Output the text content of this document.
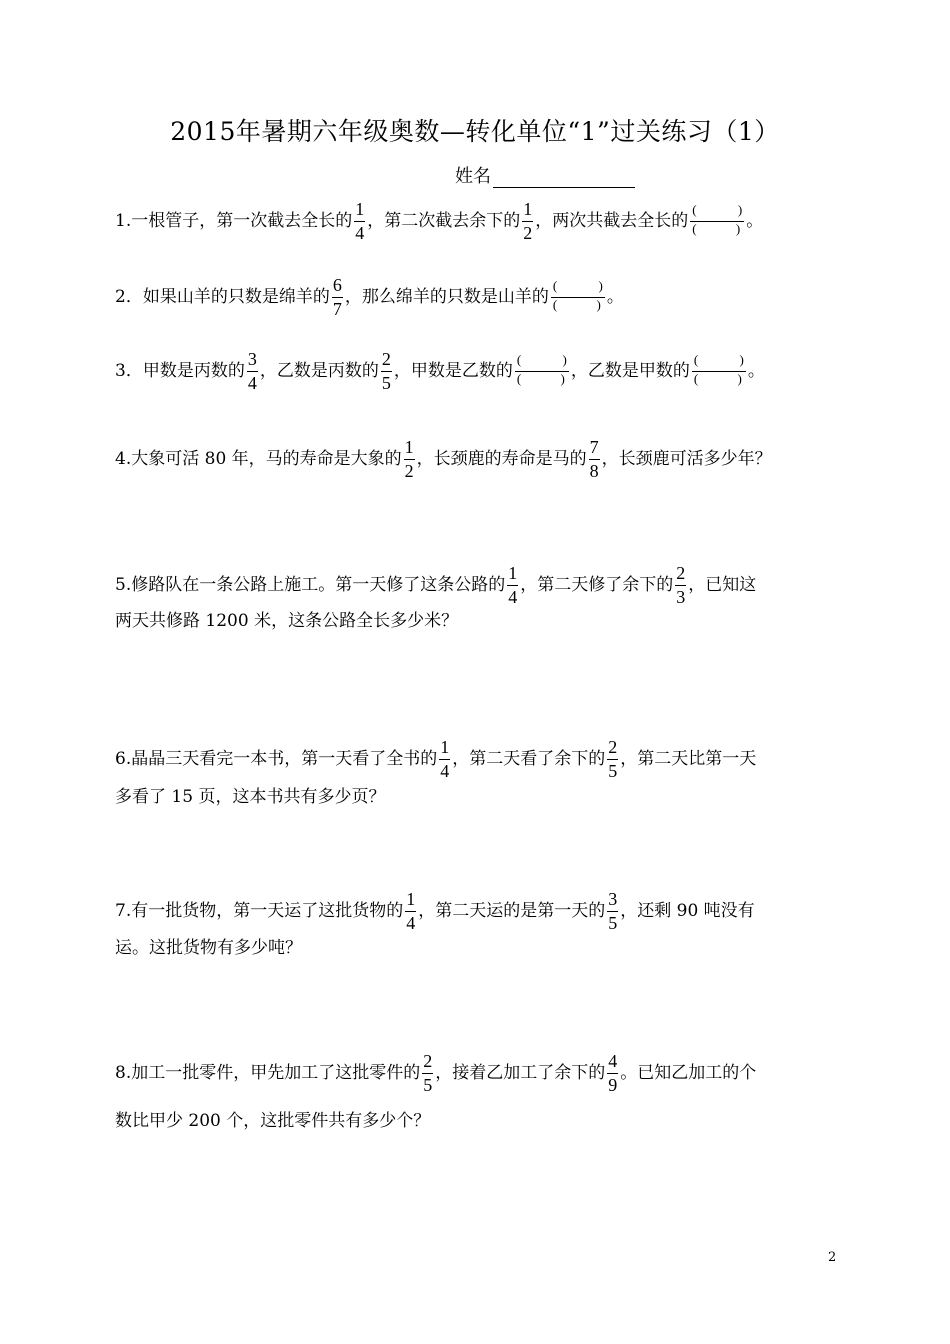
2015年暑期六年级奥数—转化单位“1”过关练习（1）
姓名
1.一根管子，第一次截去全长的 $\frac{1}{4}$ ，第二次截去余下的 $\frac{1}{2}$ ，两次共截去全长的 (	)
(	) 。
2．如果山羊的只数是绵羊的 $\frac{6}{7}$ ，那么绵羊的只数是山羊的 (	)
(	) 。
3．甲数是丙数的 $\frac{3}{4}$ ，乙数是丙数的 $\frac{2}{5}$ ，甲数是乙数的 (	)
(	) ，乙数是甲数的 (	)
(	) 。
4.大象可活 80 年，马的寿命是大象的 $\frac{1}{2}$ ，长颈鹿的寿命是马的 $\frac{7}{8}$ ，长颈鹿可活多少年？
5.修路队在一条公路上施工。第一天修了这条公路的 $\frac{1}{4}$ ，第二天修了余下的 $\frac{2}{3}$ ，已知这
两天共修路 1200 米，这条公路全长多少米？
6.晶晶三天看完一本书，第一天看了全书的 $\frac{1}{4}$ ，第二天看了余下的 $\frac{2}{5}$ ，第二天比第一天
多看了 15 页，这本书共有多少页？
7.有一批货物，第一天运了这批货物的 $\frac{1}{4}$ ，第二天运的是第一天的 $\frac{3}{5}$ ，还剩 90 吨没有
运。这批货物有多少吨？
8.加工一批零件，甲先加工了这批零件的 $\frac{2}{5}$ ，接着乙加工了余下的 $\frac{4}{9}$ 。已知乙加工的个
数比甲少 200 个，这批零件共有多少个？
2
